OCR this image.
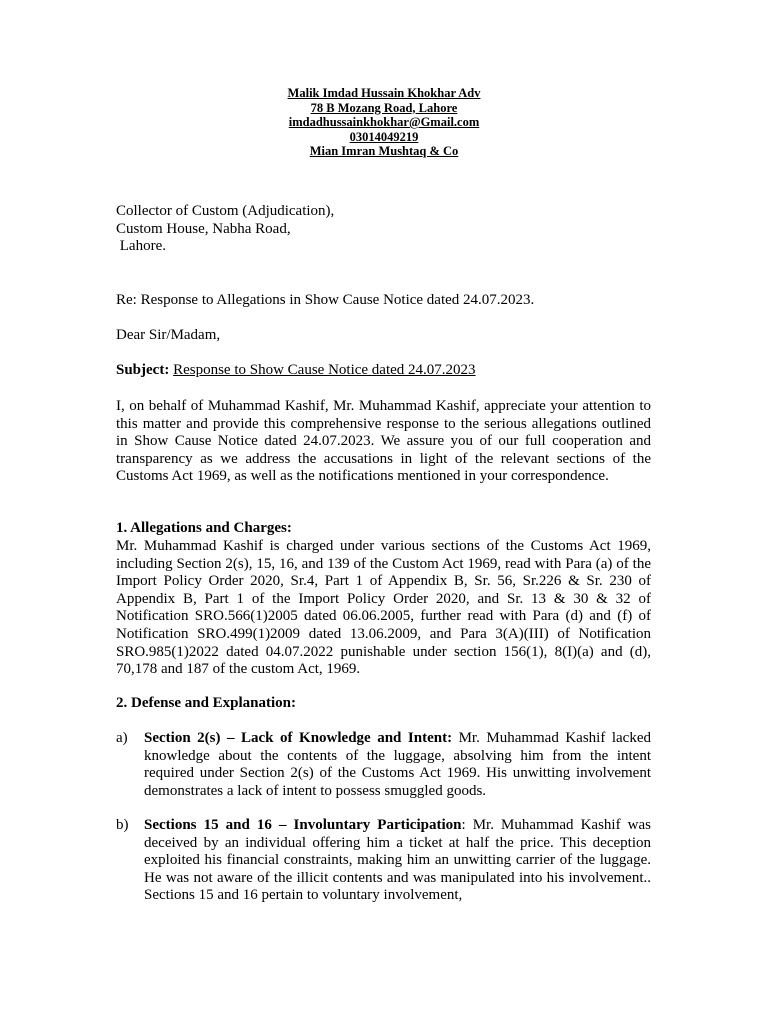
Malik Imdad Hussain Khokhar Adv
78 B Mozang Road, Lahore
imdadhussainkhokhar@Gmail.com
03014049219
Mian Imran Mushtaq & Co
Collector of Custom (Adjudication),
Custom House, Nabha Road,
Lahore.
Re: Response to Allegations in Show Cause Notice dated 24.07.2023.
Dear Sir/Madam,
Subject: Response to Show Cause Notice dated 24.07.2023
I, on behalf of Muhammad Kashif, Mr. Muhammad Kashif, appreciate your attention to this matter and provide this comprehensive response to the serious allegations outlined in Show Cause Notice dated 24.07.2023. We assure you of our full cooperation and transparency as we address the accusations in light of the relevant sections of the Customs Act 1969, as well as the notifications mentioned in your correspondence.
1. Allegations and Charges:
Mr. Muhammad Kashif is charged under various sections of the Customs Act 1969, including Section 2(s), 15, 16, and 139 of the Custom Act 1969, read with Para (a) of the Import Policy Order 2020, Sr.4, Part 1 of Appendix B, Sr. 56, Sr.226 & Sr. 230 of Appendix B, Part 1 of the Import Policy Order 2020, and Sr. 13 & 30 & 32 of Notification SRO.566(1)2005 dated 06.06.2005, further read with Para (d) and (f) of Notification SRO.499(1)2009 dated 13.06.2009, and Para 3(A)(III) of Notification SRO.985(1)2022 dated 04.07.2022 punishable under section 156(1), 8(I)(a) and (d), 70,178 and 187 of the custom Act, 1969.
2. Defense and Explanation:
a) Section 2(s) – Lack of Knowledge and Intent: Mr. Muhammad Kashif lacked knowledge about the contents of the luggage, absolving him from the intent required under Section 2(s) of the Customs Act 1969. His unwitting involvement demonstrates a lack of intent to possess smuggled goods.
b) Sections 15 and 16 – Involuntary Participation: Mr. Muhammad Kashif was deceived by an individual offering him a ticket at half the price. This deception exploited his financial constraints, making him an unwitting carrier of the luggage. He was not aware of the illicit contents and was manipulated into his involvement.. Sections 15 and 16 pertain to voluntary involvement,
